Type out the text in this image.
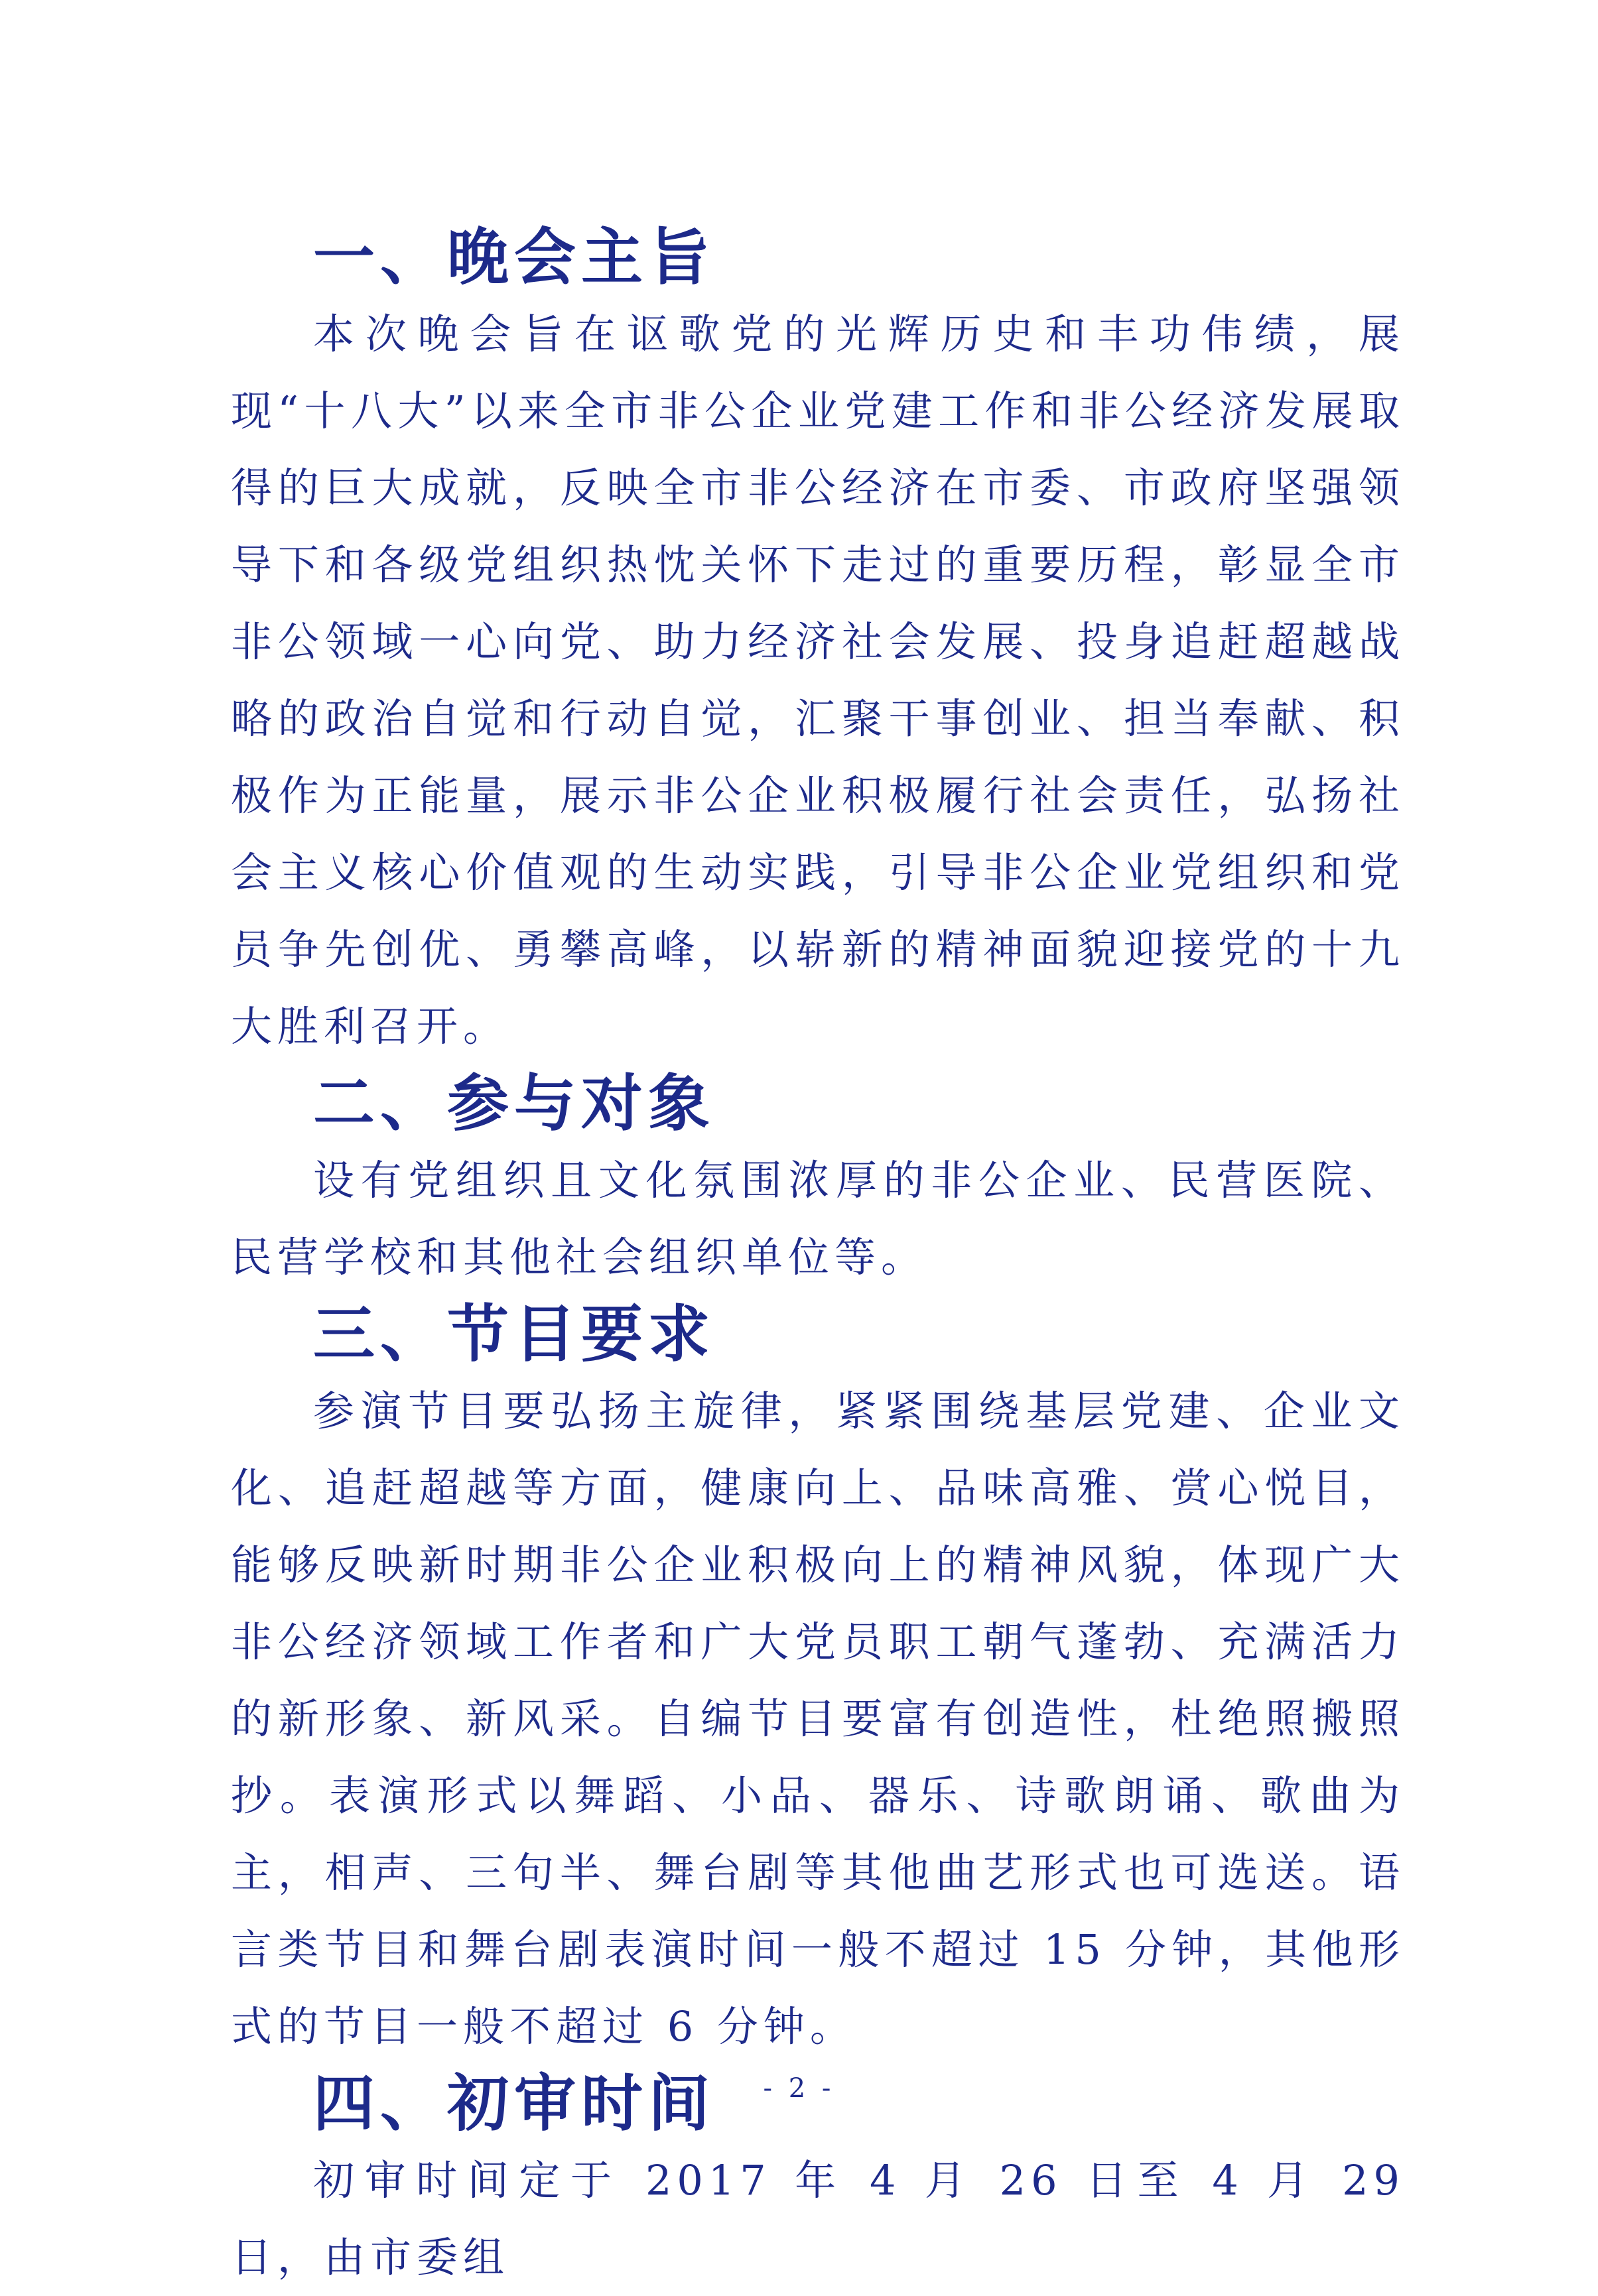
一、晚会主旨

本次晚会旨在讴歌党的光辉历史和丰功伟绩，展现“十八大”以来全市非公企业党建工作和非公经济发展取得的巨大成就，反映全市非公经济在市委、市政府坚强领导下和各级党组织热忱关怀下走过的重要历程，彰显全市非公领域一心向党、助力经济社会发展、投身追赶超越战略的政治自觉和行动自觉，汇聚干事创业、担当奉献、积极作为正能量，展示非公企业积极履行社会责任，弘扬社会主义核心价值观的生动实践，引导非公企业党组织和党员争先创优、勇攀高峰，以崭新的精神面貌迎接党的十九大胜利召开。

二、参与对象

设有党组织且文化氛围浓厚的非公企业、民营医院、民营学校和其他社会组织单位等。

三、节目要求

参演节目要弘扬主旋律，紧紧围绕基层党建、企业文化、追赶超越等方面，健康向上、品味高雅、赏心悦目，能够反映新时期非公企业积极向上的精神风貌，体现广大非公经济领域工作者和广大党员职工朝气蓬勃、充满活力的新形象、新风采。自编节目要富有创造性，杜绝照搬照抄。表演形式以舞蹈、小品、器乐、诗歌朗诵、歌曲为主，相声、三句半、舞台剧等其他曲艺形式也可选送。语言类节目和舞台剧表演时间一般不超过 15 分钟，其他形式的节目一般不超过 6 分钟。

四、初审时间

初审时间定于 2017 年 4 月 26 日至 4 月 29 日，由市委组

- 2 -
